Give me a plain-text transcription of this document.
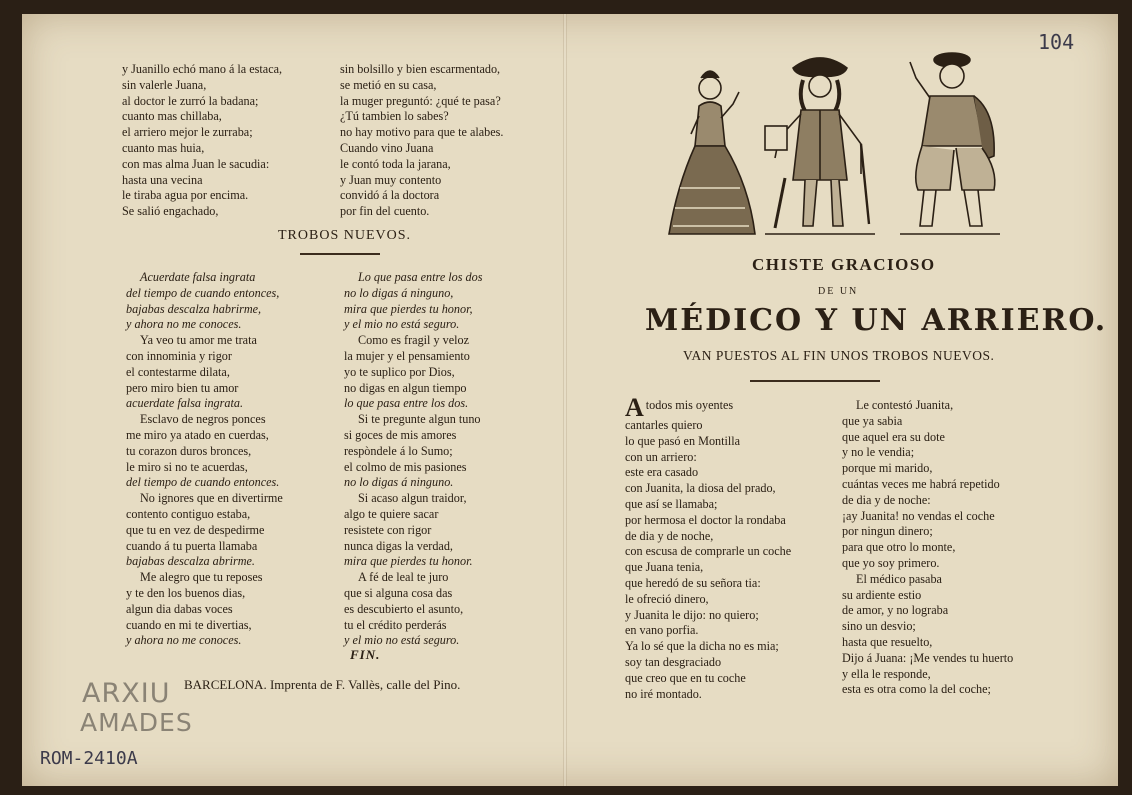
y Juanillo echó mano á la estaca,

sin valerle Juana,

al doctor le zurró la badana;

cuanto mas chillaba,

el arriero mejor le zurraba;

cuanto mas huia,

con mas alma Juan le sacudia:

hasta una vecina

le tiraba agua por encima.

Se salió engachado,

sin bolsillo y bien escarmentado,

se metió en su casa,

la muger preguntó: ¿qué te pasa?

¿Tú tambien lo sabes?

no hay motivo para que te alabes.

Cuando vino Juana

le contó toda la jarana,

y Juan muy contento

convidó á la doctora

por fin del cuento.

TROBOS NUEVOS.

Acuerdate falsa ingrata

del tiempo de cuando entonces,

bajabas descalza habrirme,

y ahora no me conoces.

Ya veo tu amor me trata

con innominia y rigor

el contestarme dilata,

pero miro bien tu amor

acuerdate falsa ingrata.

Esclavo de negros ponces

me miro ya atado en cuerdas,

tu corazon duros bronces,

le miro si no te acuerdas,

del tiempo de cuando entonces.

No ignores que en divertirme

contento contiguo estaba,

que tu en vez de despedirme

cuando á tu puerta llamaba

bajabas descalza abrirme.

Me alegro que tu reposes

y te den los buenos dias,

algun dia dabas voces

cuando en mi te divertias,

y ahora no me conoces.

Lo que pasa entre los dos

no lo digas á ninguno,

mira que pierdes tu honor,

y el mio no está seguro.

Como es fragil y veloz

la mujer y el pensamiento

yo te suplico por Dios,

no digas en algun tiempo

lo que pasa entre los dos.

Si te pregunte algun tuno

si goces de mis amores

respòndele á lo Sumo;

el colmo de mis pasiones

no lo digas á ninguno.

Si acaso algun traidor,

algo te quiere sacar

resistete con rigor

nunca digas la verdad,

mira que pierdes tu honor.

A fé de leal te juro

que si alguna cosa das

es descubierto el asunto,

tu el crédito perderás

y el mio no está seguro.

FIN.
BARCELONA. Imprenta de F. Vallès, calle del Pino.
ARXIU
AMADES
ROM-2410A
104
CHISTE GRACIOSO
DE UN
MÉDICO Y UN ARRIERO.
VAN PUESTOS AL FIN UNOS TROBOS NUEVOS.

A todos mis oyentes

cantarles quiero

lo que pasó en Montilla

con un arriero:

este era casado

con Juanita, la diosa del prado,

que así se llamaba;

por hermosa el doctor la rondaba

de dia y de noche,

con escusa de comprarle un coche

que Juana tenia,

que heredó de su señora tia:

le ofreció dinero,

y Juanita le dijo: no quiero;

en vano porfia.

Ya lo sé que la dicha no es mia;

soy tan desgraciado

que creo que en tu coche

no iré montado.

Le contestó Juanita,

que ya sabia

que aquel era su dote

y no le vendia;

porque mi marido,

cuántas veces me habrá repetido

de dia y de noche:

¡ay Juanita! no vendas el coche

por ningun dinero;

para que otro lo monte,

que yo soy primero.

El médico pasaba

su ardiente estio

de amor, y no lograba

sino un desvio;

hasta que resuelto,

Dijo á Juana: ¡Me vendes tu huerto

y ella le responde,

esta es otra como la del coche;
